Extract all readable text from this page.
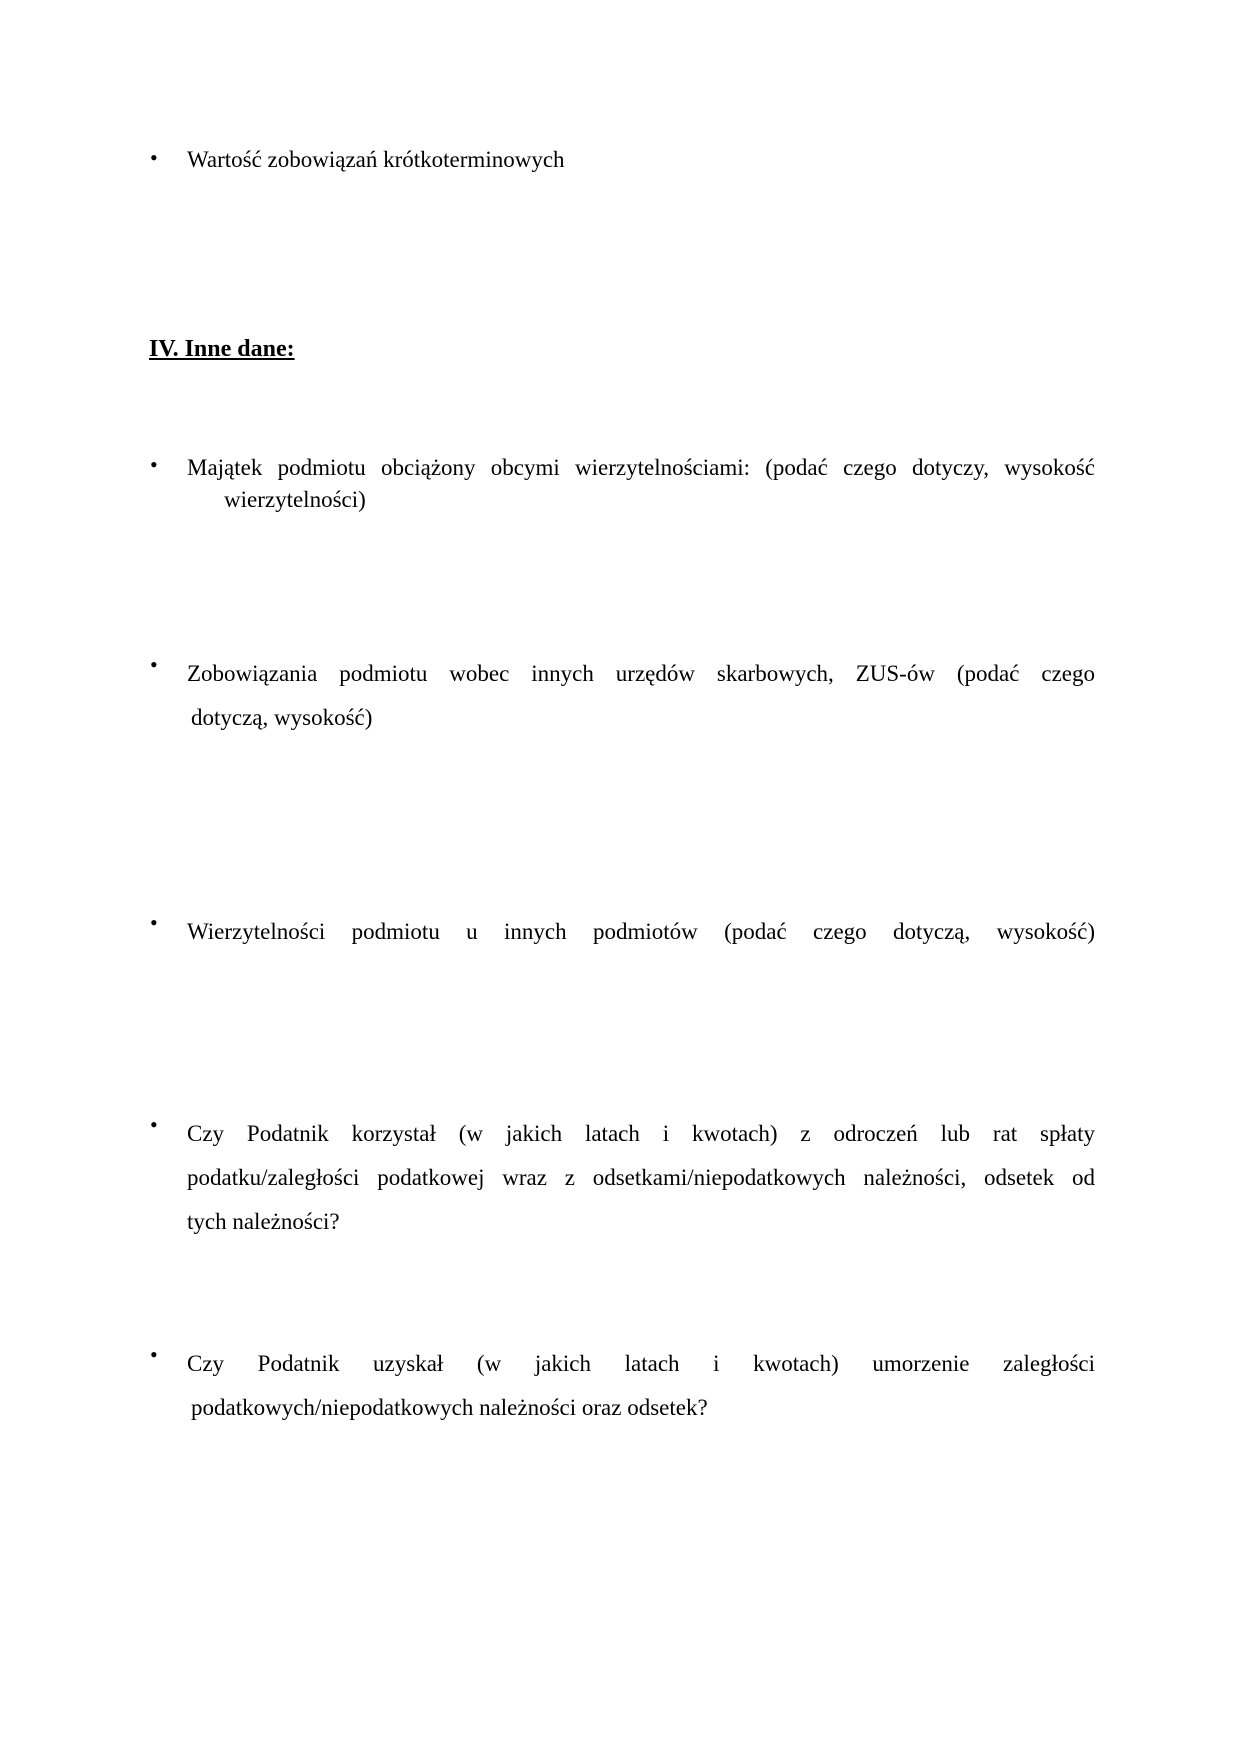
• Wartość zobowiązań krótkoterminowych
IV. Inne dane:
• Majątek podmiotu obciążony obcymi wierzytelnościami: (podać czego dotyczy, wysokość
wierzytelności)
• Zobowiązania podmiotu wobec innych urzędów skarbowych, ZUS-ów (podać czego
dotyczą, wysokość)
• Wierzytelności podmiotu u innych podmiotów (podać czego dotyczą, wysokość)
• Czy Podatnik korzystał (w jakich latach i kwotach) z odroczeń lub rat spłaty
podatku/zaległości podatkowej wraz z odsetkami/niepodatkowych należności, odsetek od
tych należności?
• Czy Podatnik uzyskał (w jakich latach i kwotach) umorzenie zaległości
podatkowych/niepodatkowych należności oraz odsetek?
